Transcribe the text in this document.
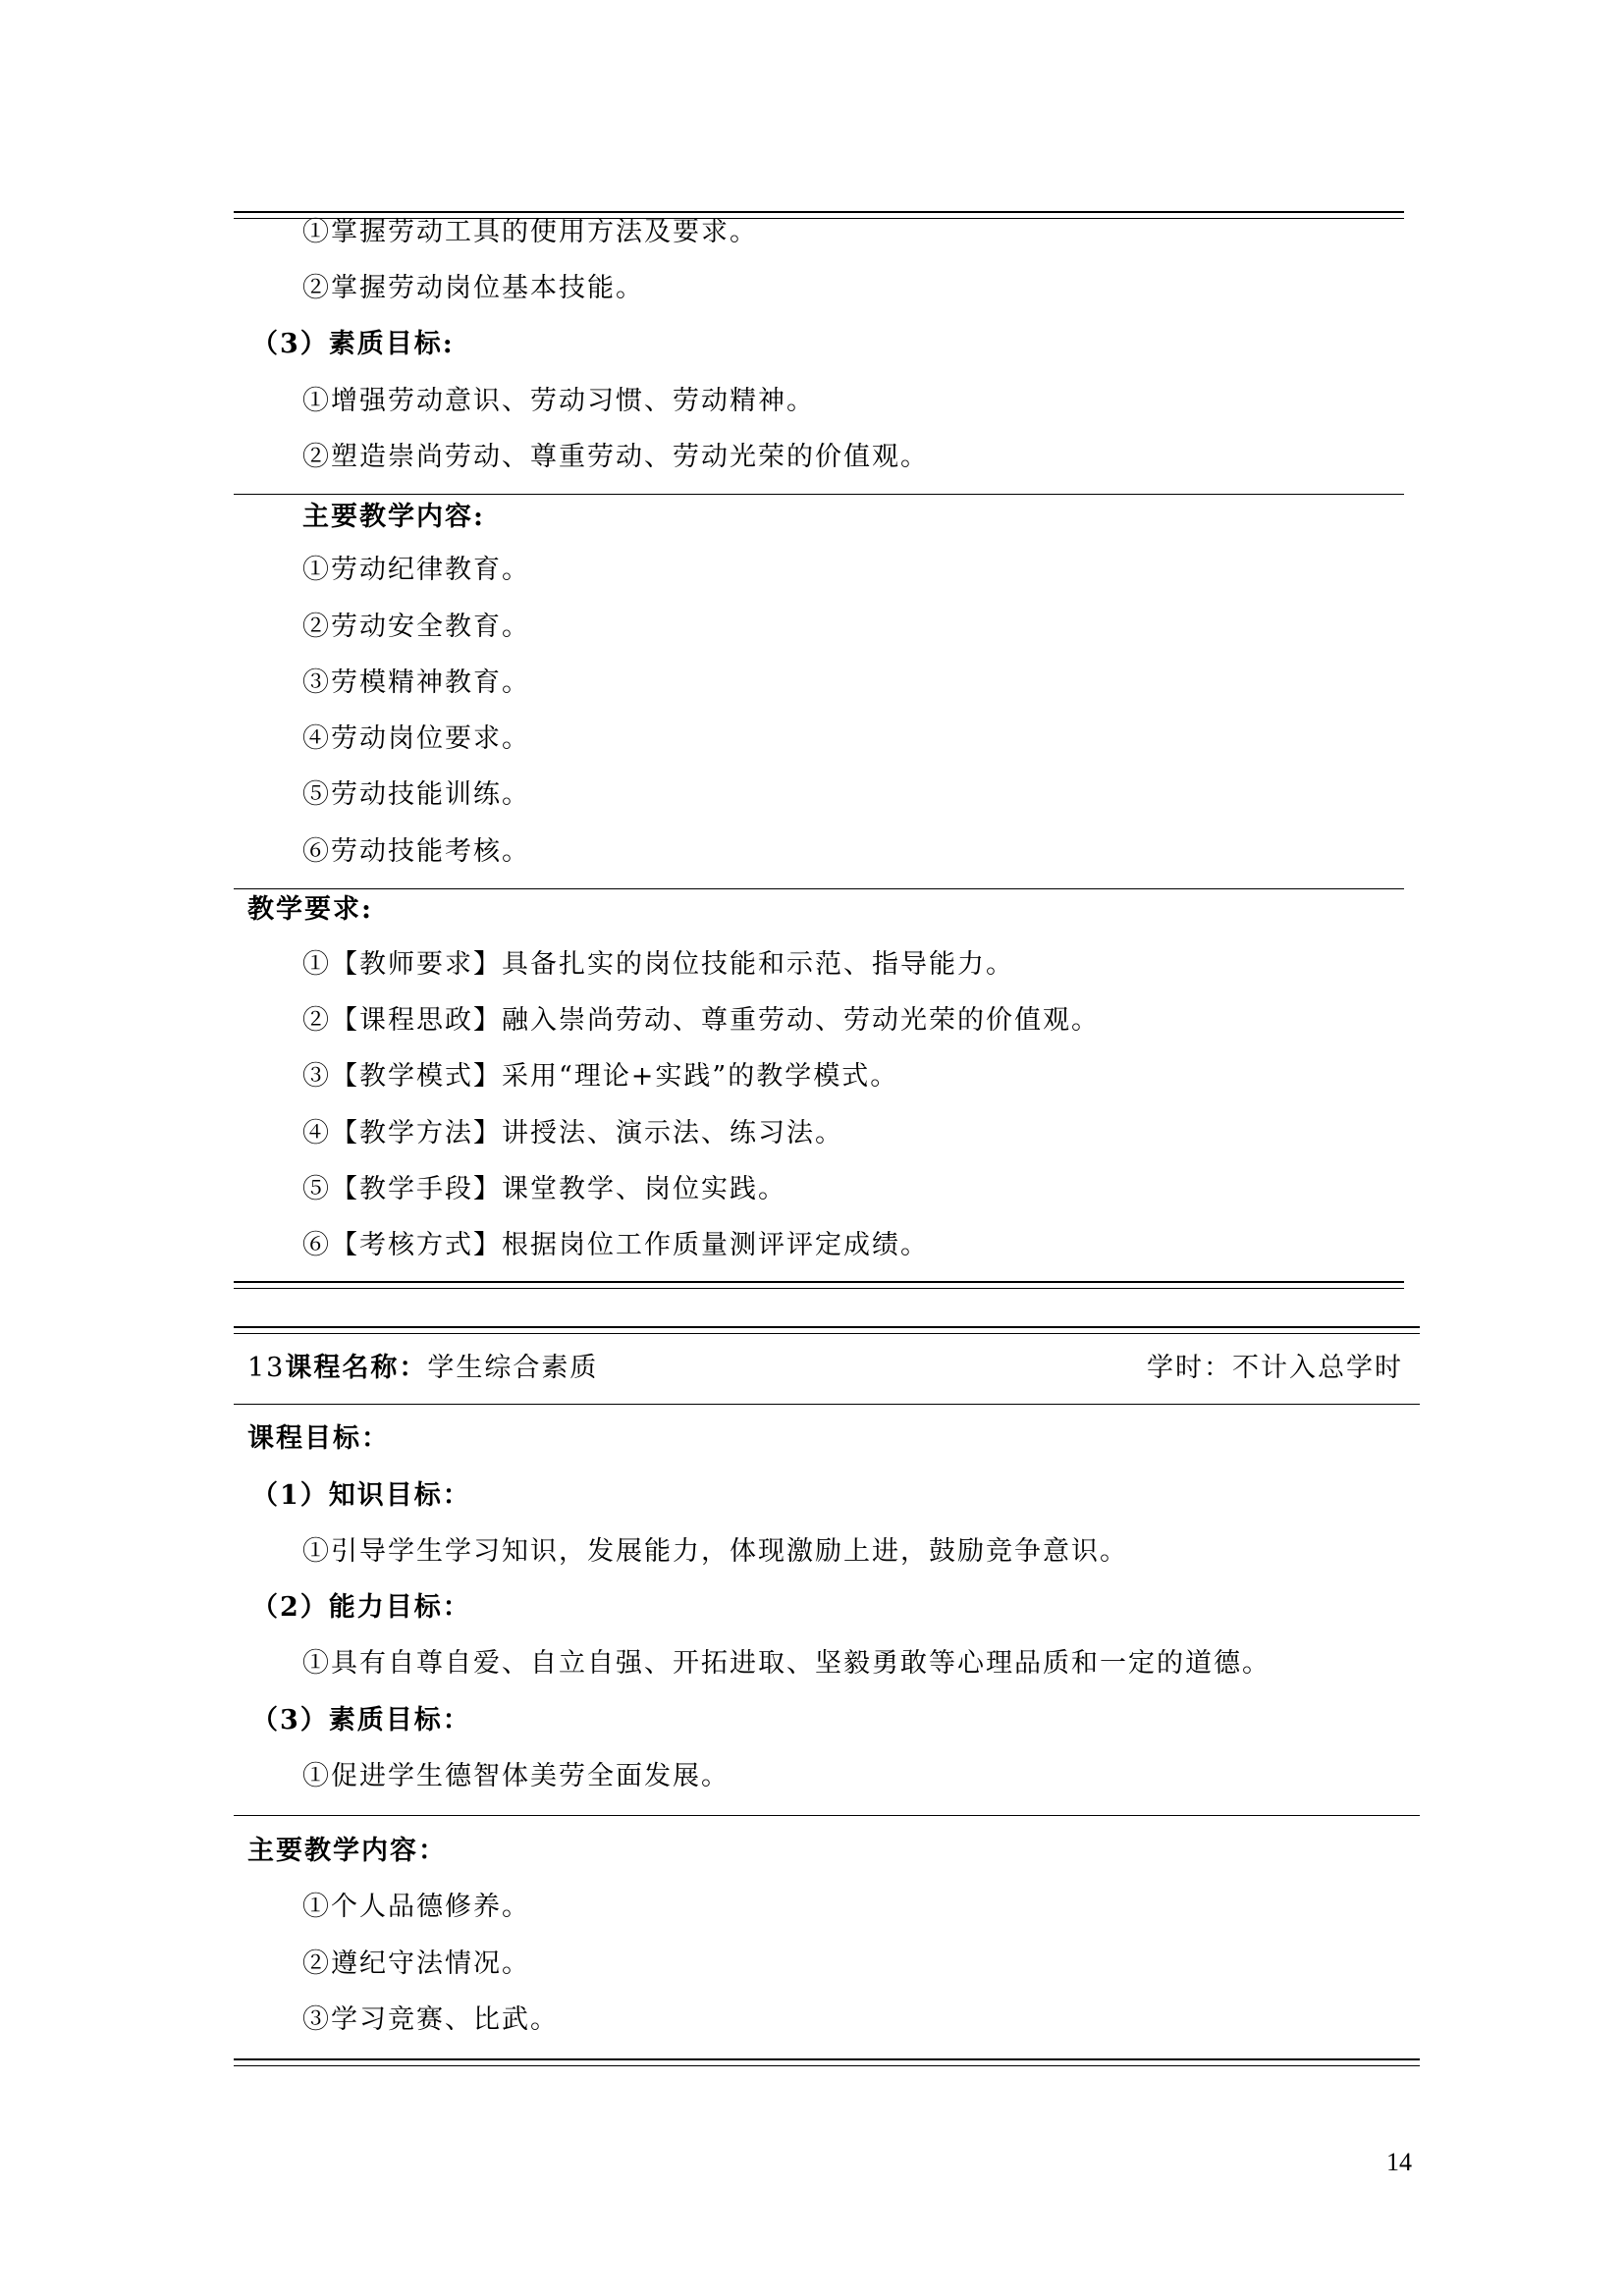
①掌握劳动工具的使用方法及要求。
②掌握劳动岗位基本技能。
（3）素质目标:
①增强劳动意识、劳动习惯、劳动精神。
②塑造崇尚劳动、尊重劳动、劳动光荣的价值观。
主要教学内容:
①劳动纪律教育。
②劳动安全教育。
③劳模精神教育。
④劳动岗位要求。
⑤劳动技能训练。
⑥劳动技能考核。
教学要求:
①【教师要求】具备扎实的岗位技能和示范、指导能力。
②【课程思政】融入崇尚劳动、尊重劳动、劳动光荣的价值观。
③【教学模式】采用“理论+实践”的教学模式。
④【教学方法】讲授法、演示法、练习法。
⑤【教学手段】课堂教学、岗位实践。
⑥【考核方式】根据岗位工作质量测评评定成绩。
13课程名称：学生综合素质	学时：不计入总学时
课程目标：
（1）知识目标：
①引导学生学习知识，发展能力，体现激励上进，鼓励竞争意识。
（2）能力目标：
①具有自尊自爱、自立自强、开拓进取、坚毅勇敢等心理品质和一定的道德。
（3）素质目标：
①促进学生德智体美劳全面发展。
主要教学内容：
①个人品德修养。
②遵纪守法情况。
③学习竞赛、比武。
14
